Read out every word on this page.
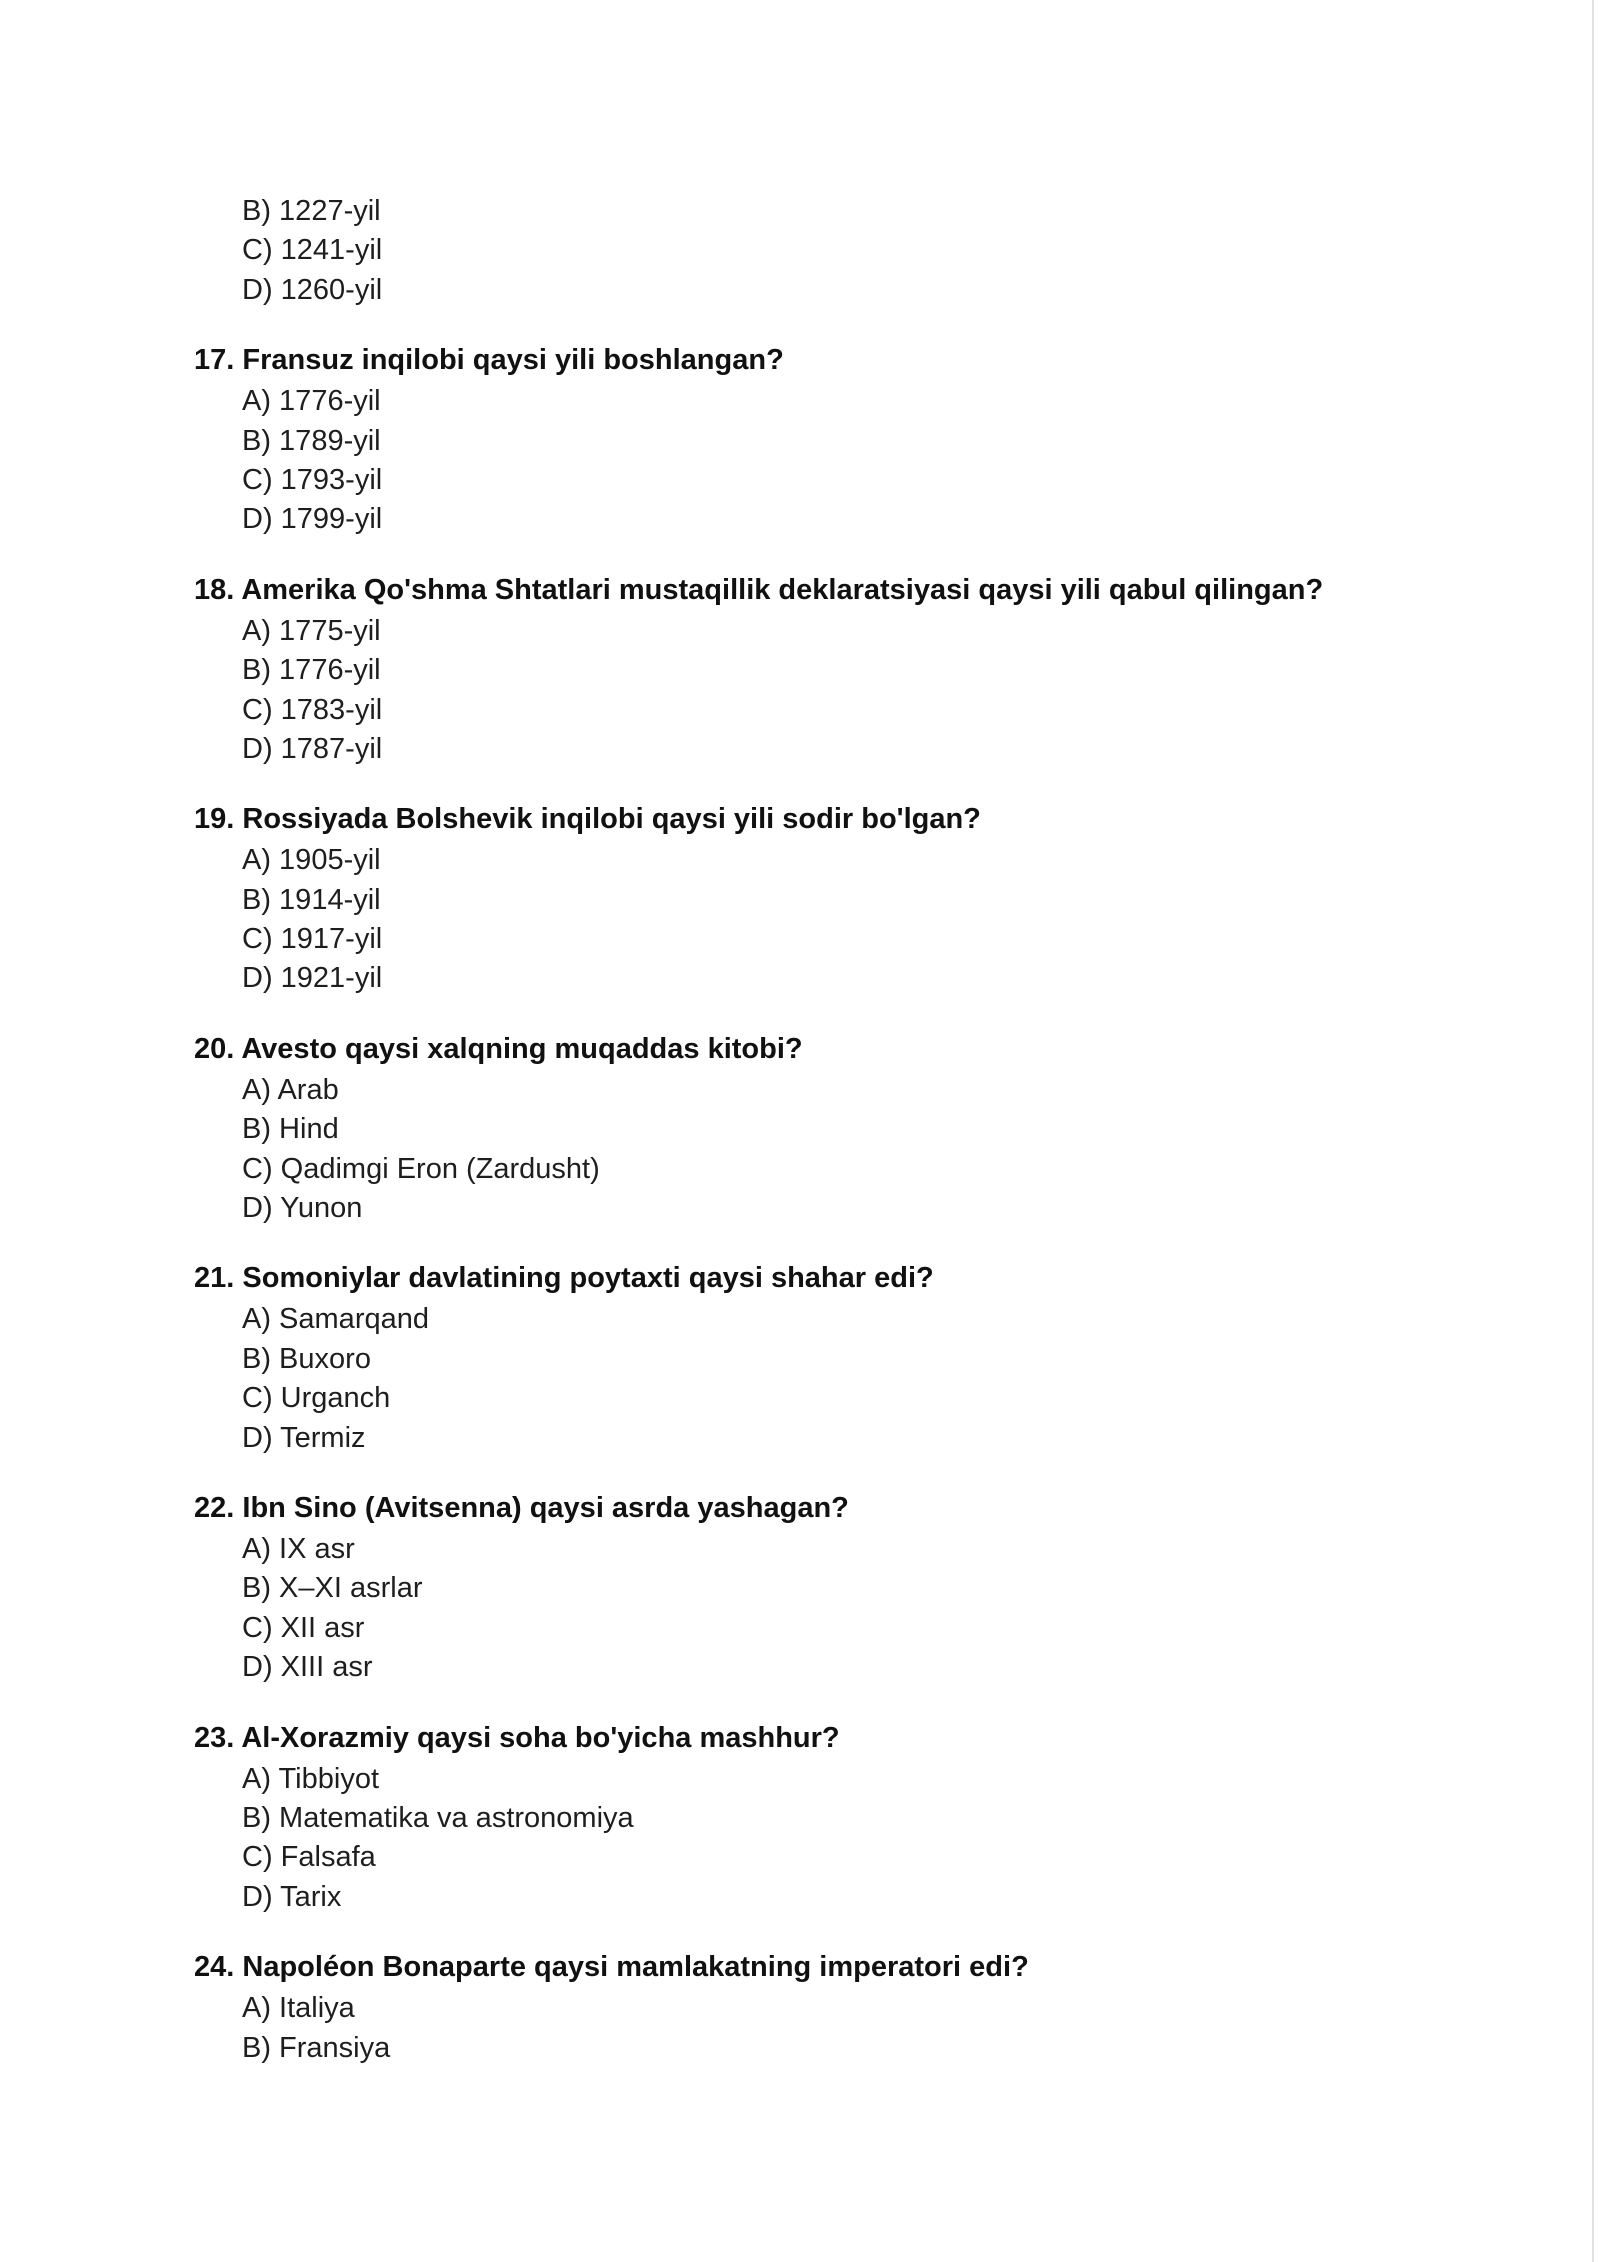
B) 1227-yil
C) 1241-yil
D) 1260-yil
17. Fransuz inqilobi qaysi yili boshlangan?
A) 1776-yil
B) 1789-yil
C) 1793-yil
D) 1799-yil
18. Amerika Qo'shma Shtatlari mustaqillik deklaratsiyasi qaysi yili qabul qilingan?
A) 1775-yil
B) 1776-yil
C) 1783-yil
D) 1787-yil
19. Rossiyada Bolshevik inqilobi qaysi yili sodir bo'lgan?
A) 1905-yil
B) 1914-yil
C) 1917-yil
D) 1921-yil
20. Avesto qaysi xalqning muqaddas kitobi?
A) Arab
B) Hind
C) Qadimgi Eron (Zardusht)
D) Yunon
21. Somoniylar davlatining poytaxti qaysi shahar edi?
A) Samarqand
B) Buxoro
C) Urganch
D) Termiz
22. Ibn Sino (Avitsenna) qaysi asrda yashagan?
A) IX asr
B) X–XI asrlar
C) XII asr
D) XIII asr
23. Al-Xorazmiy qaysi soha bo'yicha mashhur?
A) Tibbiyot
B) Matematika va astronomiya
C) Falsafa
D) Tarix
24. Napoléon Bonaparte qaysi mamlakatning imperatori edi?
A) Italiya
B) Fransiya
